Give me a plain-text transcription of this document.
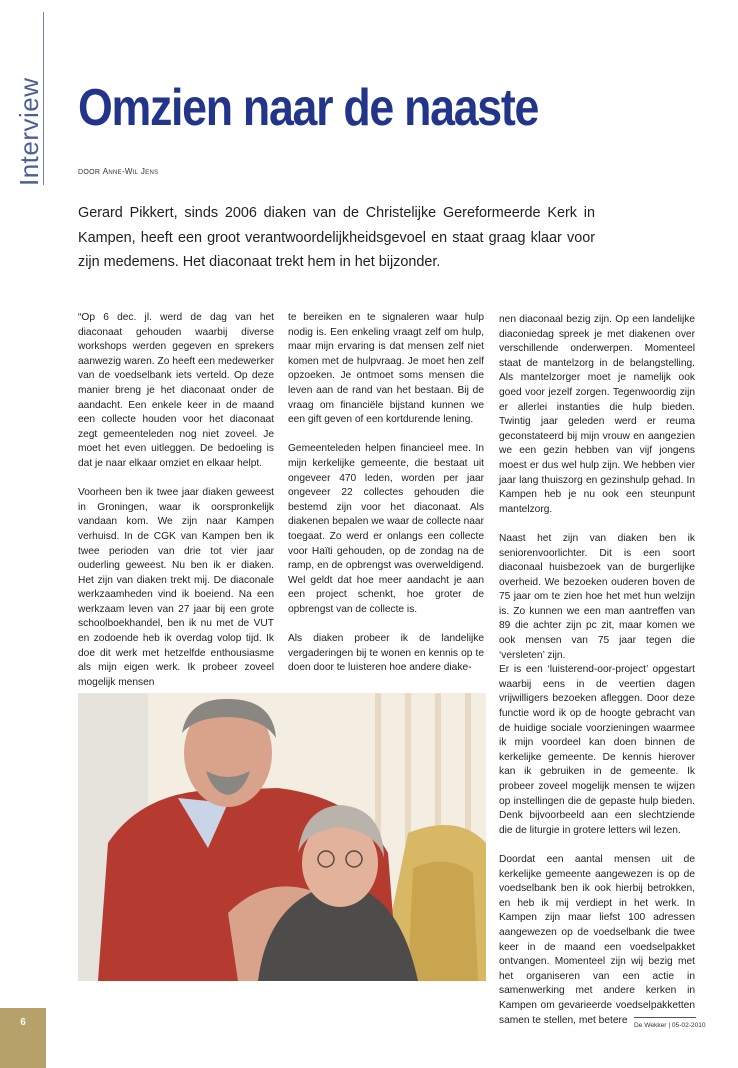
Interview Omzien naar de naaste
DOOR Anne-Wil Jens

Gerard Pikkert, sinds 2006 diaken van de Christelijke Gereformeerde Kerk in Kampen, heeft een groot verantwoordelijkheidsgevoel en staat graag klaar voor zijn medemens. Het diaconaat trekt hem in het bijzonder.

“Op 6 dec. jl. werd de dag van het diaconaat gehouden waarbij diverse workshops werden gegeven en sprekers aanwezig waren. Zo heeft een medewerker van de voedselbank iets verteld. Op deze manier breng je het diaconaat onder de aandacht. Een enkele keer in de maand een collecte houden voor het diaconaat zegt gemeenteleden nog niet zoveel. Je moet het even uitleggen. De bedoeling is dat je naar elkaar omziet en elkaar helpt.

Voorheen ben ik twee jaar diaken geweest in Groningen, waar ik oorspronkelijk vandaan kom. We zijn naar Kampen verhuisd. In de CGK van Kampen ben ik twee perioden van drie tot vier jaar ouderling geweest. Nu ben ik er diaken. Het zijn van diaken trekt mij. De diaconale werkzaamheden vind ik boeiend. Na een werkzaam leven van 27 jaar bij een grote schoolboekhandel, ben ik nu met de VUT en zodoende heb ik overdag volop tijd. Ik doe dit werk met hetzelfde enthousiasme als mijn eigen werk. Ik probeer zoveel mogelijk mensen

te bereiken en te signaleren waar hulp nodig is. Een enkeling vraagt zelf om hulp, maar mijn ervaring is dat mensen zelf niet komen met de hulpvraag. Je moet hen zelf opzoeken. Je ontmoet soms mensen die leven aan de rand van het bestaan. Bij de vraag om financiële bijstand kunnen we een gift geven of een kortdurende lening.

Gemeenteleden helpen financieel mee. In mijn kerkelijke gemeente, die bestaat uit ongeveer 470 leden, worden per jaar ongeveer 22 collectes gehouden die bestemd zijn voor het diaconaat. Als diakenen bepalen we waar de collecte naar toegaat. Zo werd er onlangs een collecte voor Haïti gehouden, op de zondag na de ramp, en de opbrengst was overweldigend. Wel geldt dat hoe meer aandacht je aan een project schenkt, hoe groter de opbrengst van de collecte is.

Als diaken probeer ik de landelijke vergaderingen bij te wonen en kennis op te doen door te luisteren hoe andere diake-

nen diaconaal bezig zijn. Op een landelijke diaconiedag spreek je met diakenen over verschillende onderwerpen. Momenteel staat de mantelzorg in de belangstelling. Als mantelzorger moet je namelijk ook goed voor jezelf zorgen. Tegenwoordig zijn er allerlei instanties die hulp bieden. Twintig jaar geleden werd er reuma geconstateerd bij mijn vrouw en aangezien we een gezin hebben van vijf jongens moest er dus wel hulp zijn. We hebben vier jaar lang thuiszorg en gezinshulp gehad. In Kampen heb je nu ook een steunpunt mantelzorg.

Naast het zijn van diaken ben ik seniorenvoorlichter. Dit is een soort diaconaal huisbezoek van de burgerlijke overheid. We bezoeken ouderen boven de 75 jaar om te zien hoe het met hun welzijn is. Zo kunnen we een man aantreffen van 89 die achter zijn pc zit, maar komen we ook mensen van 75 jaar tegen die ‘versleten’ zijn.

Er is een ‘luisterend-oor-project’ opgestart waarbij eens in de veertien dagen vrijwilligers bezoeken afleggen. Door deze functie word ik op de hoogte gebracht van de huidige sociale voorzieningen waarmee ik mijn voordeel kan doen binnen de kerkelijke gemeente. De kennis hierover kan ik gebruiken in de gemeente. Ik probeer zoveel mogelijk mensen te wijzen op instellingen die de gepaste hulp bieden. Denk bijvoorbeeld aan een slechtziende die de liturgie in grotere letters wil lezen.

Doordat een aantal mensen uit de kerkelijke gemeente aangewezen is op de voedselbank ben ik ook hierbij betrokken, en heb ik mij verdiept in het werk. In Kampen zijn maar liefst 100 adressen aangewezen op de voedselbank die twee keer in de maand een voedselpakket ontvangen. Momenteel zijn wij bezig met het organiseren van een actie in samenwerking met andere kerken in Kampen om gevarieerde voedselpakketten samen te stellen, met betere

6	De Wekker | 05-02-2010
